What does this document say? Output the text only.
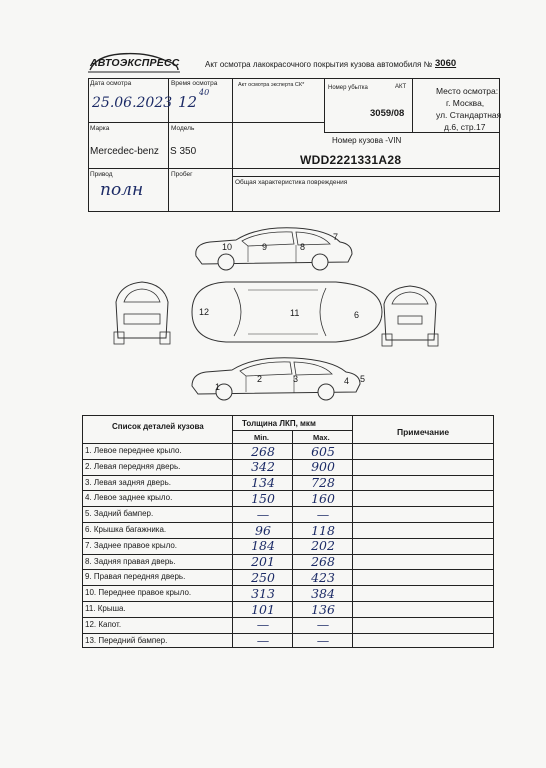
АВТОЭКСПРЕСС	Акт осмотра лакокрасочного покрытия кузова автомобиля № 3060
Дата осмотра
25.06.2023
Время осмотра
12
40
Акт осмотра эксперта СК*	Номер убытка	АКТ
3059/08
Место осмотра:
г. Москва,
ул. Стандартная
д.6, стр.17
Марка
Mercedec-benz
Модель
S 350
Номер кузова -VIN
WDD2221331A28
Привод
полн
Пробег
Общая характеристика повреждения
10	9	8
7
12	11	6
1
2	3	4 5
Список деталей кузова	Толщина ЛКП, мкм
Min.	Max.
Примечание
1. Левое переднее крыло.	268	605
2. Левая передняя дверь.	342	900
3. Левая задняя дверь.	134	728
4. Левое заднее крыло.	150	160
5. Задний бампер.	—	—
6. Крышка багажника.	96	118
7. Заднее правое крыло.	184	202
8. Задняя правая дверь.	201	268
9. Правая передняя дверь.	250	423
10. Переднее правое крыло.	313	384
11. Крыша.	101	136
12. Капот.	—	—
13. Передний бампер.	—	—
